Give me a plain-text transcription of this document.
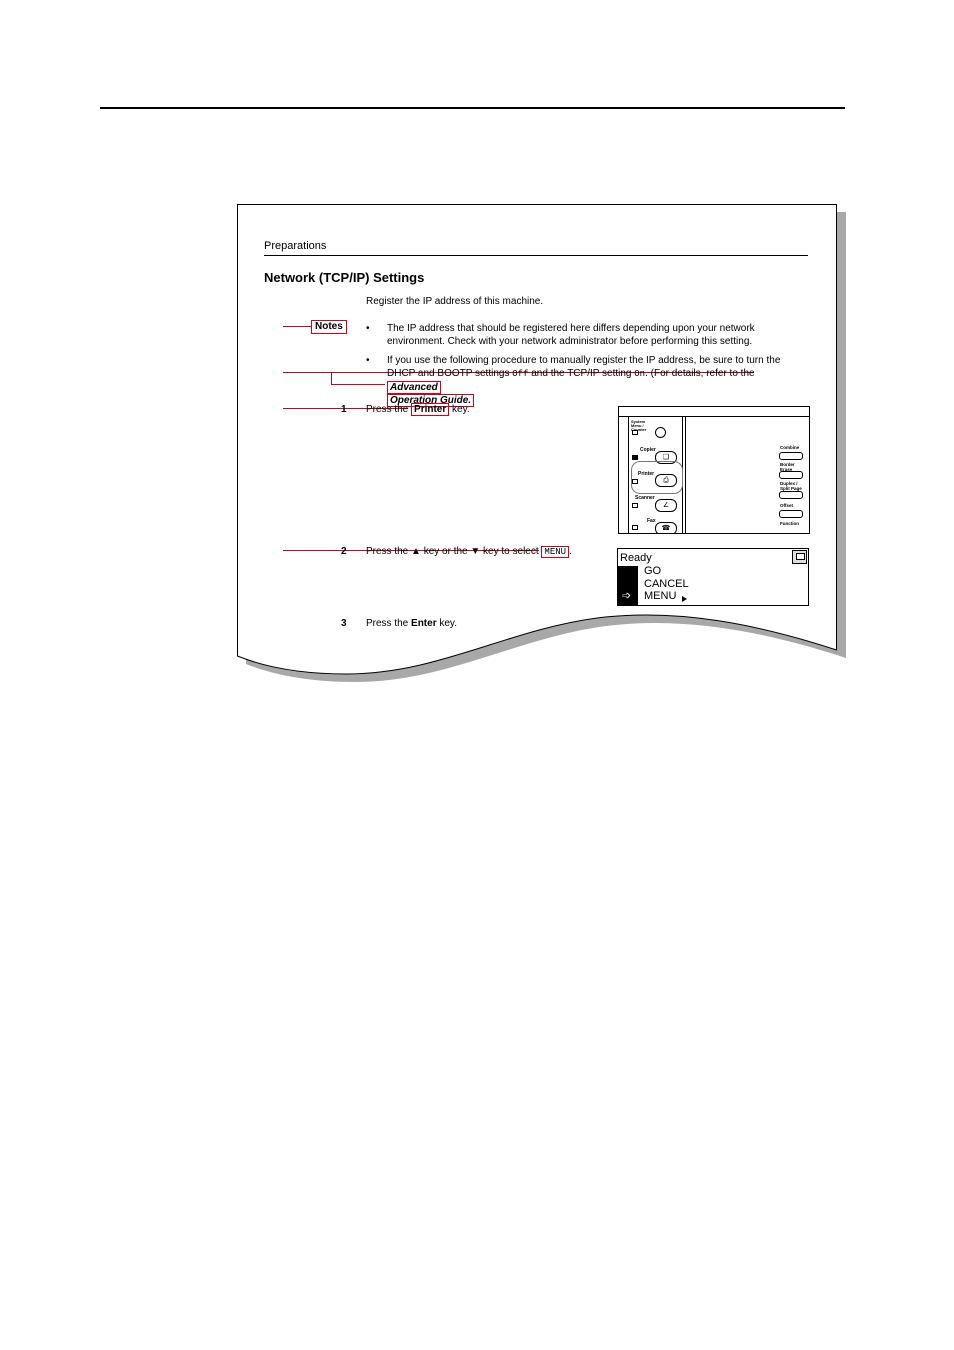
Preparations
Network (TCP/IP) Settings
Register the IP address of this machine.
Notes	• The IP address that should be registered here differs depending upon your network environment. Check with your network administrator before performing this setting.
• If you use the following procedure to manually register the IP address, be sure to turn the DHCP and BOOTP settings Off and the TCP/IP setting On. (For details, refer to the Advanced
Operation Guide.
1 Press the Printer key.
2 Press the ▲ key or the ▼ key to select MENU .
3 Press the Enter key.
System Menu / Counter
Copier
❑
Printer
⎙
Scanner
∠
Fax
☎
Combine
Border Erase
Duplex / Split Page
Offset
Function
Ready
➩
GO
CANCEL
MENU
